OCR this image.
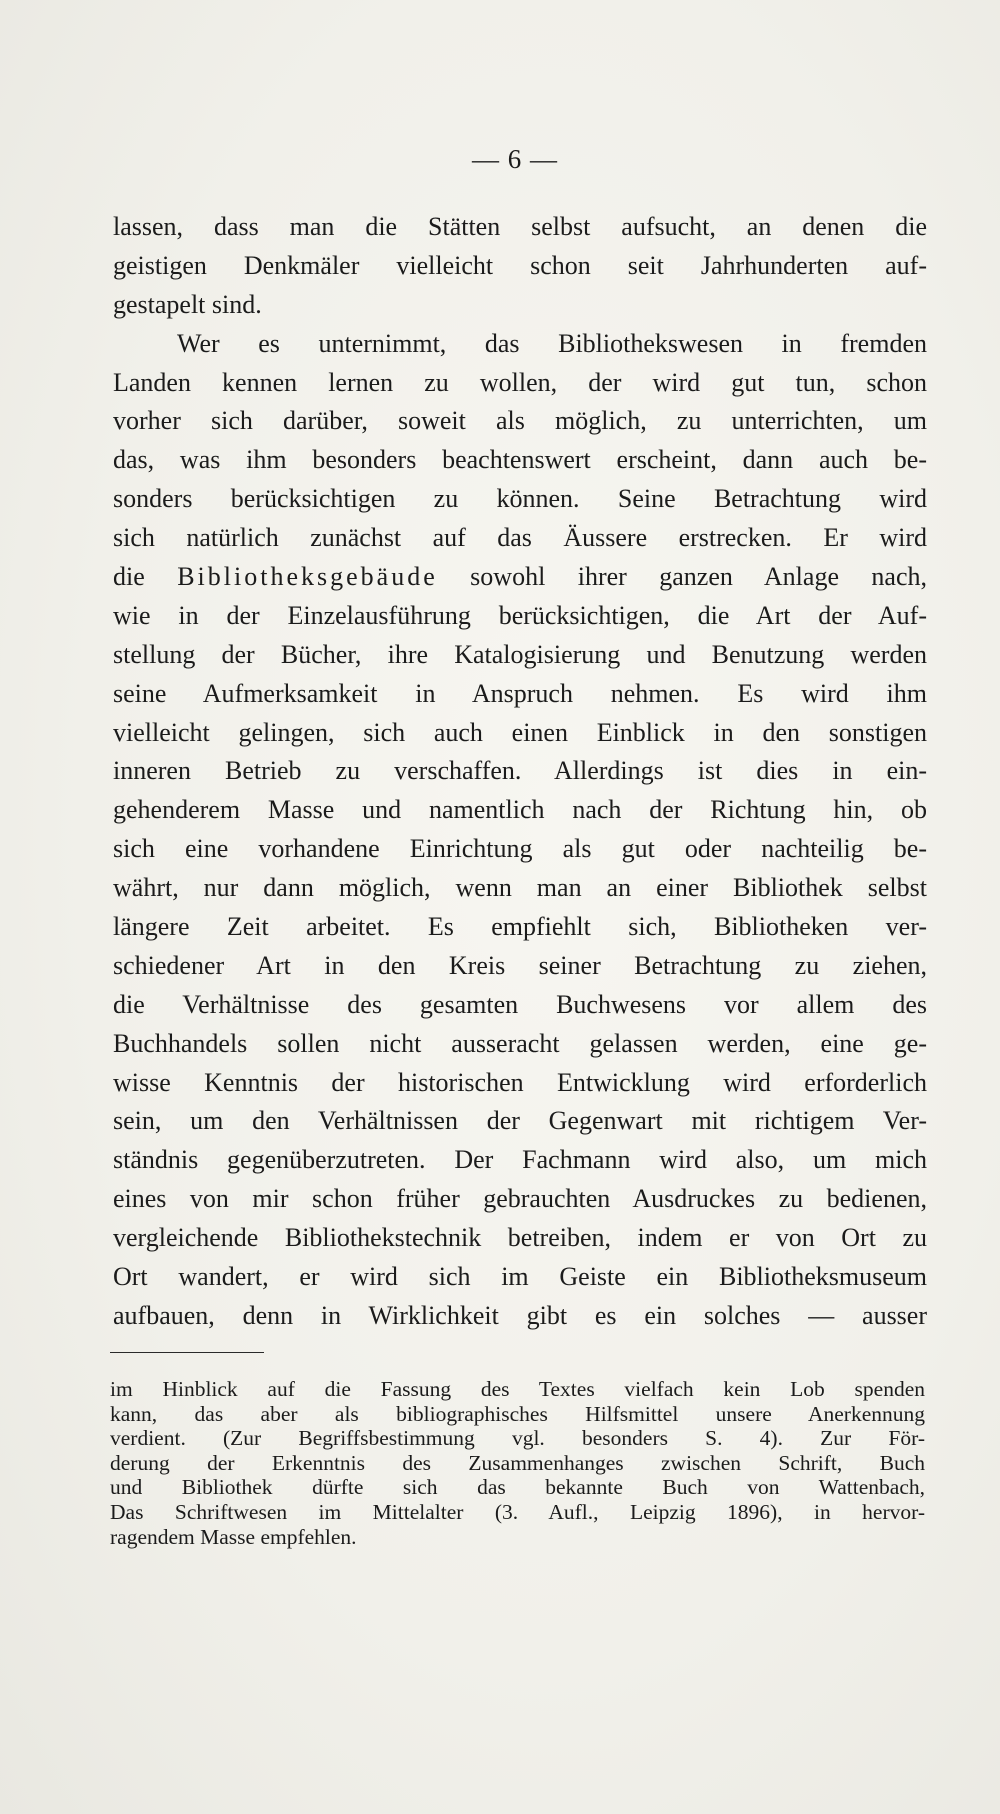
— 6 —
lassen, dass man die Stätten selbst aufsucht, an denen die
geistigen Denkmäler vielleicht schon seit Jahrhunderten auf-
gestapelt sind.
Wer es unternimmt, das Bibliothekswesen in fremden
Landen kennen lernen zu wollen, der wird gut tun, schon
vorher sich darüber, soweit als möglich, zu unterrichten, um
das, was ihm besonders beachtenswert erscheint, dann auch be-
sonders berücksichtigen zu können. Seine Betrachtung wird
sich natürlich zunächst auf das Äussere erstrecken. Er wird
die Bibliotheksgebäude sowohl ihrer ganzen Anlage nach,
wie in der Einzelausführung berücksichtigen, die Art der Auf-
stellung der Bücher, ihre Katalogisierung und Benutzung werden
seine Aufmerksamkeit in Anspruch nehmen. Es wird ihm
vielleicht gelingen, sich auch einen Einblick in den sonstigen
inneren Betrieb zu verschaffen. Allerdings ist dies in ein-
gehenderem Masse und namentlich nach der Richtung hin, ob
sich eine vorhandene Einrichtung als gut oder nachteilig be-
währt, nur dann möglich, wenn man an einer Bibliothek selbst
längere Zeit arbeitet. Es empfiehlt sich, Bibliotheken ver-
schiedener Art in den Kreis seiner Betrachtung zu ziehen,
die Verhältnisse des gesamten Buchwesens vor allem des
Buchhandels sollen nicht ausseracht gelassen werden, eine ge-
wisse Kenntnis der historischen Entwicklung wird erforderlich
sein, um den Verhältnissen der Gegenwart mit richtigem Ver-
ständnis gegenüberzutreten. Der Fachmann wird also, um mich
eines von mir schon früher gebrauchten Ausdruckes zu bedienen,
vergleichende Bibliothekstechnik betreiben, indem er von Ort zu
Ort wandert, er wird sich im Geiste ein Bibliotheksmuseum
aufbauen, denn in Wirklichkeit gibt es ein solches — ausser
im Hinblick auf die Fassung des Textes vielfach kein Lob spenden
kann, das aber als bibliographisches Hilfsmittel unsere Anerkennung
verdient. (Zur Begriffsbestimmung vgl. besonders S. 4). Zur För-
derung der Erkenntnis des Zusammenhanges zwischen Schrift, Buch
und Bibliothek dürfte sich das bekannte Buch von Wattenbach,
Das Schriftwesen im Mittelalter (3. Aufl., Leipzig 1896), in hervor-
ragendem Masse empfehlen.
